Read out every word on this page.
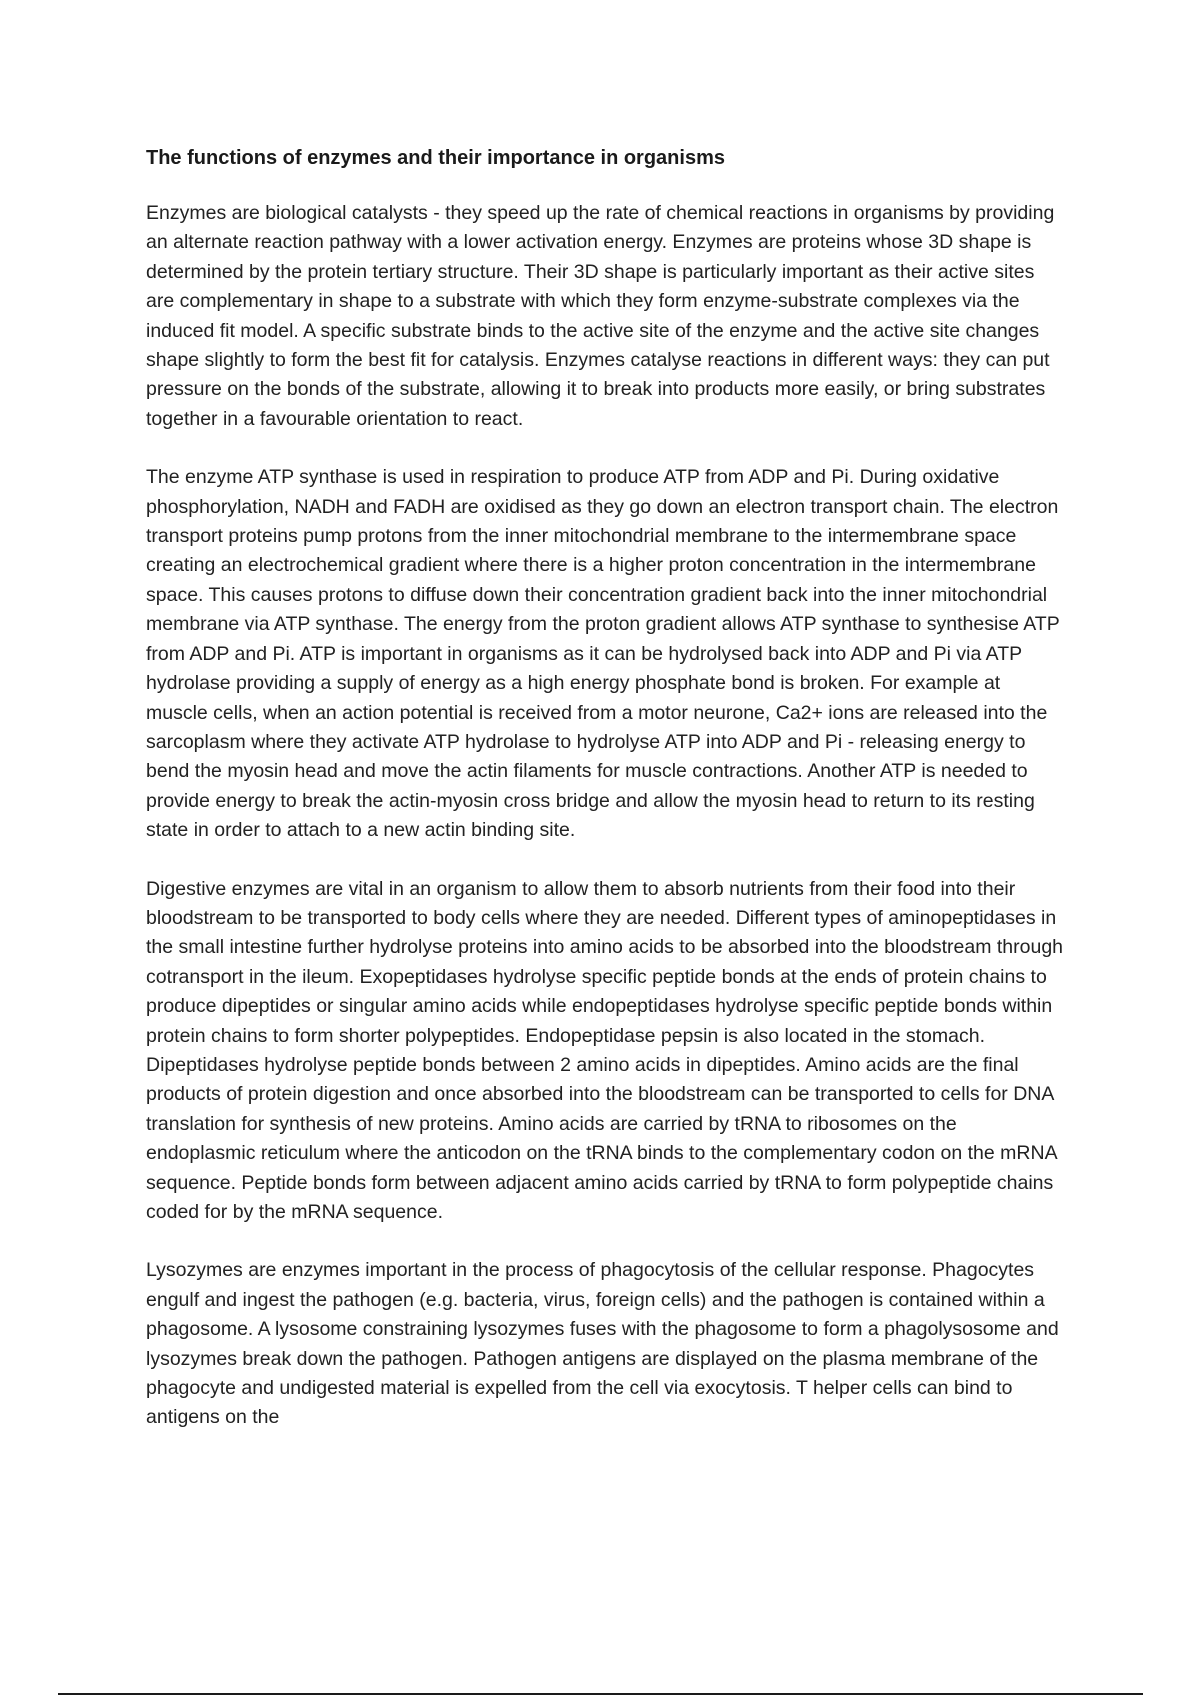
The functions of enzymes and their importance in organisms

Enzymes are biological catalysts - they speed up the rate of chemical reactions in organisms by providing an alternate reaction pathway with a lower activation energy. Enzymes are proteins whose 3D shape is determined by the protein tertiary structure. Their 3D shape is particularly important as their active sites are complementary in shape to a substrate with which they form enzyme-substrate complexes via the induced fit model. A specific substrate binds to the active site of the enzyme and the active site changes shape slightly to form the best fit for catalysis. Enzymes catalyse reactions in different ways: they can put pressure on the bonds of the substrate, allowing it to break into products more easily, or bring substrates together in a favourable orientation to react.

The enzyme ATP synthase is used in respiration to produce ATP from ADP and Pi. During oxidative phosphorylation, NADH and FADH are oxidised as they go down an electron transport chain. The electron transport proteins pump protons from the inner mitochondrial membrane to the intermembrane space creating an electrochemical gradient where there is a higher proton concentration in the intermembrane space. This causes protons to diffuse down their concentration gradient back into the inner mitochondrial membrane via ATP synthase. The energy from the proton gradient allows ATP synthase to synthesise ATP from ADP and Pi. ATP is important in organisms as it can be hydrolysed back into ADP and Pi via ATP hydrolase providing a supply of energy as a high energy phosphate bond is broken. For example at muscle cells, when an action potential is received from a motor neurone, Ca2+ ions are released into the sarcoplasm where they activate ATP hydrolase to hydrolyse ATP into ADP and Pi - releasing energy to bend the myosin head and move the actin filaments for muscle contractions. Another ATP is needed to provide energy to break the actin-myosin cross bridge and allow the myosin head to return to its resting state in order to attach to a new actin binding site.

Digestive enzymes are vital in an organism to allow them to absorb nutrients from their food into their bloodstream to be transported to body cells where they are needed. Different types of aminopeptidases in the small intestine further hydrolyse proteins into amino acids to be absorbed into the bloodstream through cotransport in the ileum. Exopeptidases hydrolyse specific peptide bonds at the ends of protein chains to produce dipeptides or singular amino acids while endopeptidases hydrolyse specific peptide bonds within protein chains to form shorter polypeptides. Endopeptidase pepsin is also located in the stomach. Dipeptidases hydrolyse peptide bonds between 2 amino acids in dipeptides. Amino acids are the final products of protein digestion and once absorbed into the bloodstream can be transported to cells for DNA translation for synthesis of new proteins. Amino acids are carried by tRNA to ribosomes on the endoplasmic reticulum where the anticodon on the tRNA binds to the complementary codon on the mRNA sequence. Peptide bonds form between adjacent amino acids carried by tRNA to form polypeptide chains coded for by the mRNA sequence.

Lysozymes are enzymes important in the process of phagocytosis of the cellular response. Phagocytes engulf and ingest the pathogen (e.g. bacteria, virus, foreign cells) and the pathogen is contained within a phagosome. A lysosome constraining lysozymes fuses with the phagosome to form a phagolysosome and lysozymes break down the pathogen. Pathogen antigens are displayed on the plasma membrane of the phagocyte and undigested material is expelled from the cell via exocytosis. T helper cells can bind to antigens on the
